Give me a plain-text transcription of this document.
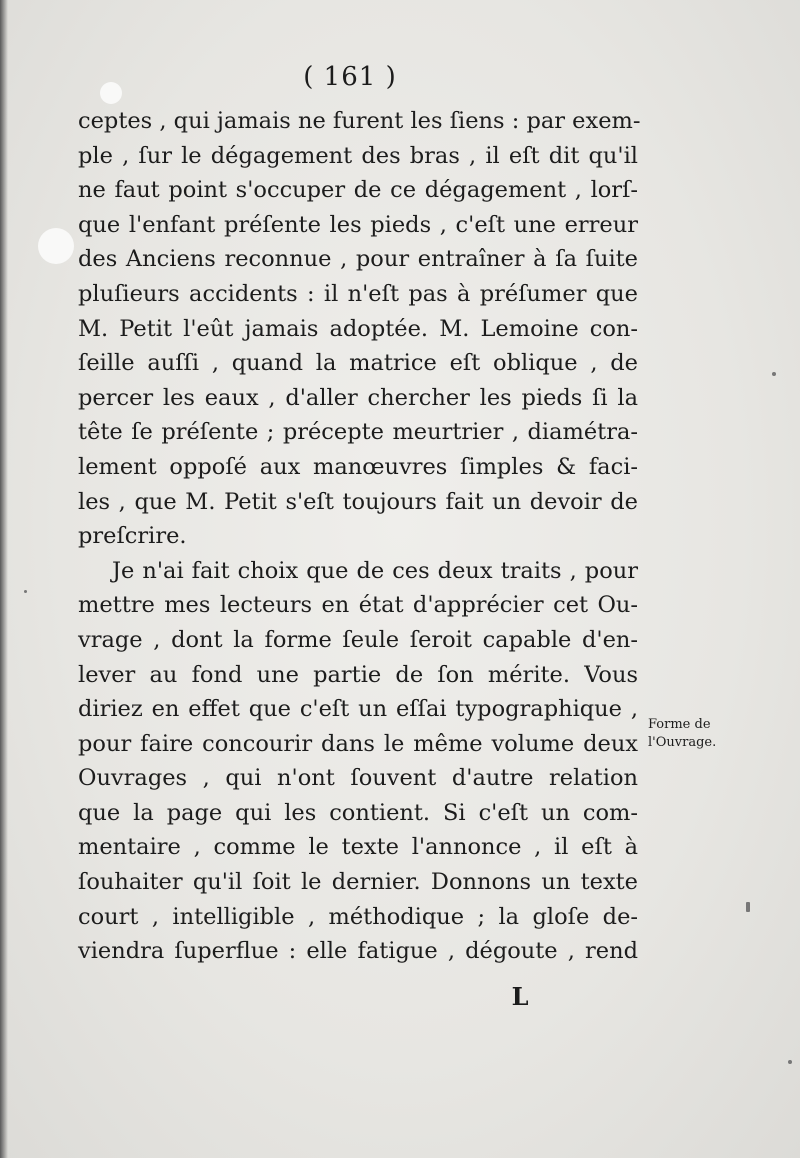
( 161 )
ceptes , qui jamais ne furent les ſiens : par exem-
ple , ſur le dégagement des bras , il eſt dit qu'il
ne faut point s'occuper de ce dégagement , lorſ-
que l'enfant préſente les pieds , c'eſt une erreur
des Anciens reconnue , pour entraîner à ſa ſuite
pluſieurs accidents : il n'eſt pas à préſumer que
M. Petit l'eût jamais adoptée. M. Lemoine con-
ſeille auſſi , quand la matrice eſt oblique , de
percer les eaux , d'aller chercher les pieds ſi la
tête ſe préſente ; précepte meurtrier , diamétra-
lement oppoſé aux manœuvres ſimples & faci-
les , que M. Petit s'eſt toujours fait un devoir de
preſcrire.
Je n'ai fait choix que de ces deux traits , pour
mettre mes lecteurs en état d'apprécier cet Ou-
vrage , dont la forme ſeule ſeroit capable d'en-
lever au fond une partie de ſon mérite. Vous
diriez en effet que c'eſt un eſſai typographique ,
pour faire concourir dans le même volume deux
Ouvrages , qui n'ont ſouvent d'autre relation
que la page qui les contient. Si c'eſt un com-
mentaire , comme le texte l'annonce , il eſt à
ſouhaiter qu'il ſoit le dernier. Donnons un texte
court , intelligible , méthodique ; la gloſe de-
viendra ſuperflue : elle fatigue , dégoute , rend
Forme de
l'Ouvrage.
L
